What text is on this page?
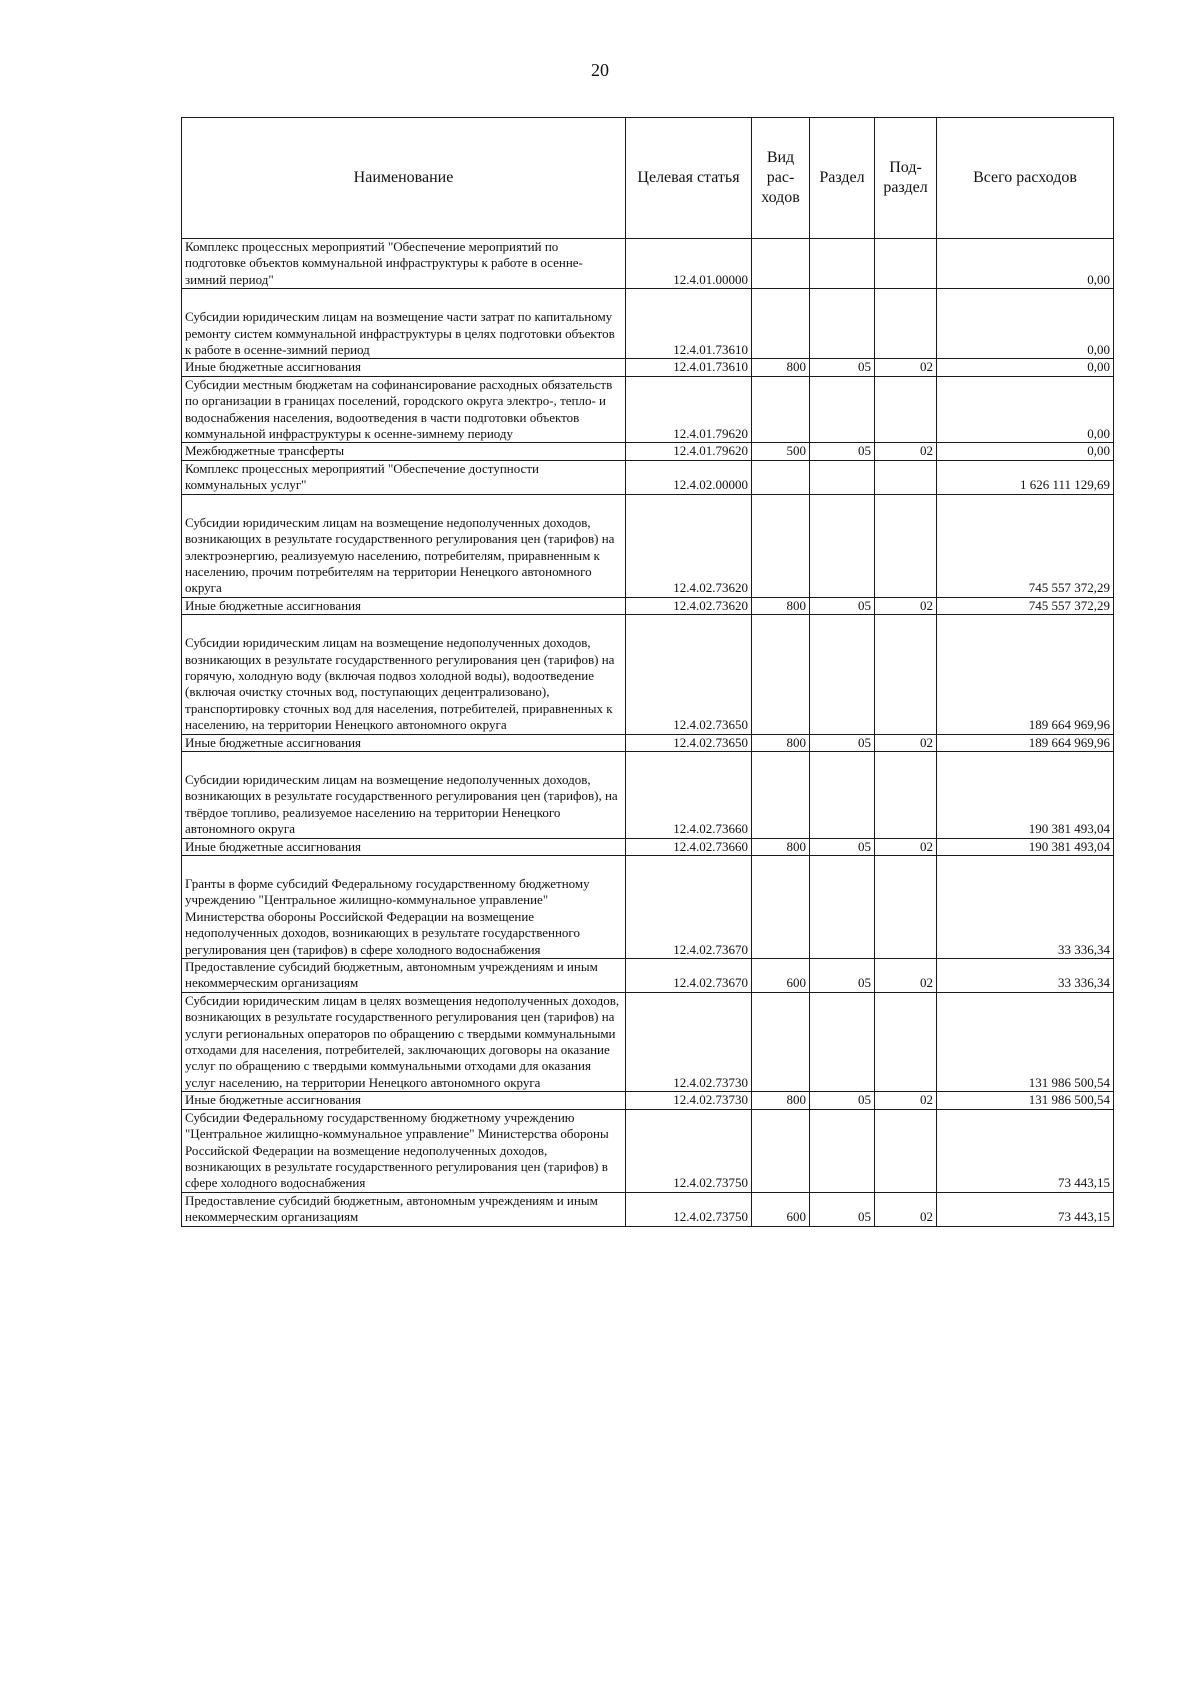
20
Наименование	Целевая статья	Вид рас-ходов	Раздел	Под-раздел	Всего расходов
Комплекс процессных мероприятий "Обеспечение мероприятий по подготовке объектов коммунальной инфраструктуры к работе в осенне-зимний период"	12.4.01.00000				0,00
Субсидии юридическим лицам на возмещение части затрат по капитальному ремонту систем коммунальной инфраструктуры в целях подготовки объектов к работе в осенне-зимний период	12.4.01.73610				0,00
Иные бюджетные ассигнования	12.4.01.73610	800	05	02	0,00
Субсидии местным бюджетам на софинансирование расходных обязательств по организации в границах поселений, городского округа электро-, тепло- и водоснабжения населения, водоотведения в части подготовки объектов коммунальной инфраструктуры к осенне-зимнему периоду	12.4.01.79620				0,00
Межбюджетные трансферты	12.4.01.79620	500	05	02	0,00
Комплекс процессных мероприятий "Обеспечение доступности коммунальных услуг"	12.4.02.00000				1 626 111 129,69
Субсидии юридическим лицам на возмещение недополученных доходов, возникающих в результате государственного регулирования цен (тарифов) на электроэнергию, реализуемую населению, потребителям, приравненным к населению, прочим потребителям на территории Ненецкого автономного округа	12.4.02.73620				745 557 372,29
Иные бюджетные ассигнования	12.4.02.73620	800	05	02	745 557 372,29
Субсидии юридическим лицам на возмещение недополученных доходов, возникающих в результате государственного регулирования цен (тарифов) на горячую, холодную воду (включая подвоз холодной воды), водоотведение (включая очистку сточных вод, поступающих децентрализовано), транспортировку сточных вод для населения, потребителей, приравненных к населению, на территории Ненецкого автономного округа	12.4.02.73650				189 664 969,96
Иные бюджетные ассигнования	12.4.02.73650	800	05	02	189 664 969,96
Субсидии юридическим лицам на возмещение недополученных доходов, возникающих в результате государственного регулирования цен (тарифов), на твёрдое топливо, реализуемое населению на территории Ненецкого автономного округа	12.4.02.73660				190 381 493,04
Иные бюджетные ассигнования	12.4.02.73660	800	05	02	190 381 493,04
Гранты в форме субсидий Федеральному государственному бюджетному учреждению "Центральное жилищно-коммунальное управление" Министерства обороны Российской Федерации на возмещение недополученных доходов, возникающих в результате государственного регулирования цен (тарифов) в сфере холодного водоснабжения	12.4.02.73670				33 336,34
Предоставление субсидий бюджетным, автономным учреждениям и иным некоммерческим организациям	12.4.02.73670	600	05	02	33 336,34
Субсидии юридическим лицам в целях возмещения недополученных доходов, возникающих в результате государственного регулирования цен (тарифов) на услуги региональных операторов по обращению с твердыми коммунальными отходами для населения, потребителей, заключающих договоры на оказание услуг по обращению с твердыми коммунальными отходами для оказания услуг населению, на территории Ненецкого автономного округа	12.4.02.73730				131 986 500,54
Иные бюджетные ассигнования	12.4.02.73730	800	05	02	131 986 500,54
Субсидии Федеральному государственному бюджетному учреждению "Центральное жилищно-коммунальное управление" Министерства обороны Российской Федерации на возмещение недополученных доходов, возникающих в результате государственного регулирования цен (тарифов) в сфере холодного водоснабжения	12.4.02.73750				73 443,15
Предоставление субсидий бюджетным, автономным учреждениям и иным некоммерческим организациям	12.4.02.73750	600	05	02	73 443,15
